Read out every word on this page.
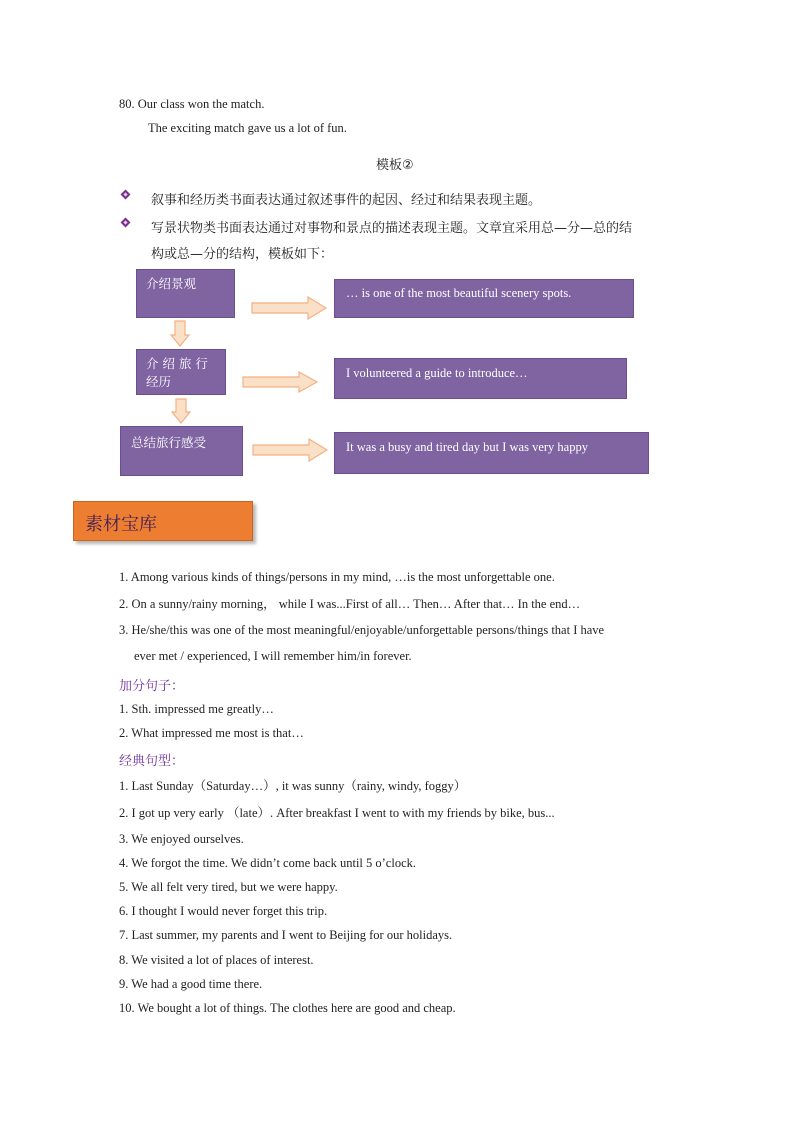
80. Our class won the match.
The exciting match gave us a lot of fun.
模板②
叙事和经历类书面表达通过叙述事件的起因、经过和结果表现主题。
写景状物类书面表达通过对事物和景点的描述表现主题。文章宜采用总—分—总的结
构或总—分的结构，模板如下：
介绍景观
介 绍 旅 行
经历
总结旅行感受
… is one of the most beautiful scenery spots.
I volunteered a guide to introduce…
It was a busy and tired day but I was very happy
素材宝库
1. Among various kinds of things/persons in my mind, …is the most unforgettable one.
2. On a sunny/rainy morning， while I was...First of all… Then… After that… In the end…
3. He/she/this was one of the most meaningful/enjoyable/unforgettable persons/things that I have
ever met / experienced, I will remember him/in forever.
加分句子：
1. Sth. impressed me greatly…
2. What impressed me most is that…
经典句型：
1. Last Sunday（Saturday…）, it was sunny（rainy, windy, foggy）
2. I got up very early （late）. After breakfast I went to with my friends by bike, bus...
3. We enjoyed ourselves.
4. We forgot the time. We didn’t come back until 5 o’clock.
5. We all felt very tired, but we were happy.
6. I thought I would never forget this trip.
7. Last summer, my parents and I went to Beijing for our holidays.
8. We visited a lot of places of interest.
9. We had a good time there.
10. We bought a lot of things. The clothes here are good and cheap.
